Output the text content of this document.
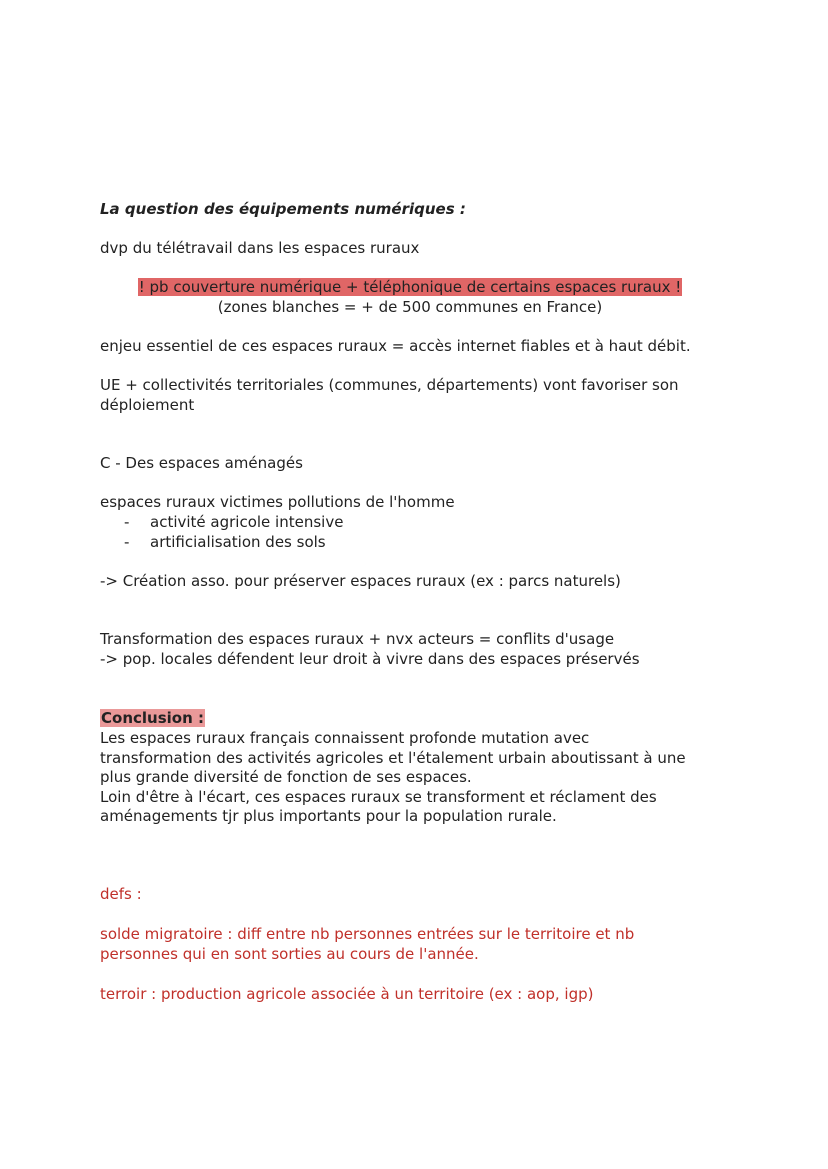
La question des équipements numériques :
dvp du télétravail dans les espaces ruraux
! pb couverture numérique + téléphonique de certains espaces ruraux !
(zones blanches = + de 500 communes en France)
enjeu essentiel de ces espaces ruraux = accès internet fiables et à haut débit.
UE + collectivités territoriales (communes, départements) vont favoriser son
déploiement
C - Des espaces aménagés
espaces ruraux victimes pollutions de l'homme
- activité agricole intensive
- artificialisation des sols
-> Création asso. pour préserver espaces ruraux (ex : parcs naturels)
Transformation des espaces ruraux + nvx acteurs = conflits d'usage
-> pop. locales défendent leur droit à vivre dans des espaces préservés
Conclusion :
Les espaces ruraux français connaissent profonde mutation avec
transformation des activités agricoles et l'étalement urbain aboutissant à une
plus grande diversité de fonction de ses espaces.
Loin d'être à l'écart, ces espaces ruraux se transforment et réclament des
aménagements tjr plus importants pour la population rurale.
defs :
solde migratoire : diff entre nb personnes entrées sur le territoire et nb
personnes qui en sont sorties au cours de l'année.
terroir : production agricole associée à un territoire (ex : aop, igp)
